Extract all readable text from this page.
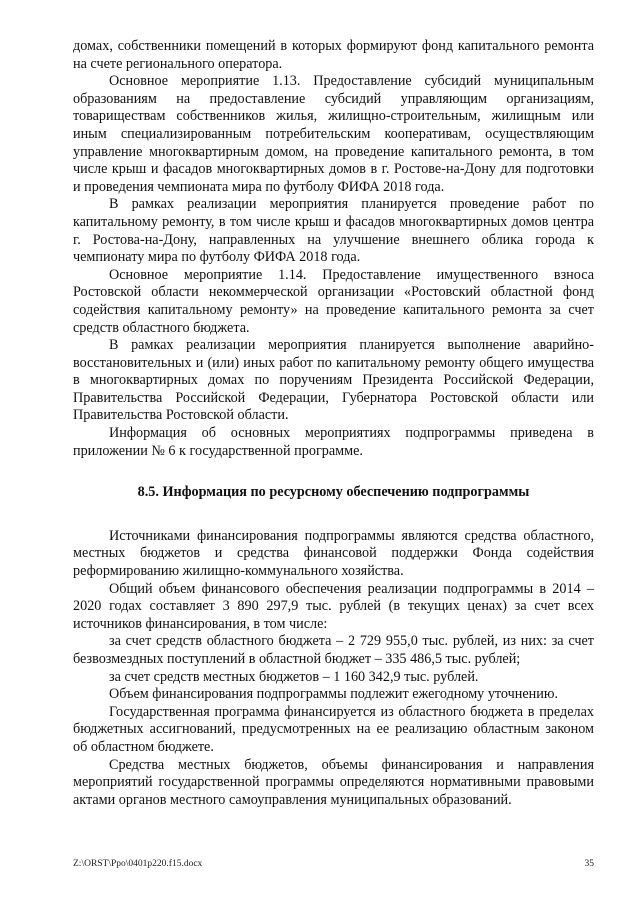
домах, собственники помещений в которых формируют фонд капитального ремонта на счете регионального оператора.

Основное мероприятие 1.13. Предоставление субсидий муниципальным образованиям на предоставление субсидий управляющим организациям, товариществам собственников жилья, жилищно-строительным, жилищным или иным специализированным потребительским кооперативам, осуществляющим управление многоквартирным домом, на проведение капитального ремонта, в том числе крыш и фасадов многоквартирных домов в г. Ростове-на-Дону для подготовки и проведения чемпионата мира по футболу ФИФА 2018 года.

В рамках реализации мероприятия планируется проведение работ по капитальному ремонту, в том числе крыш и фасадов многоквартирных домов центра г. Ростова-на-Дону, направленных на улучшение внешнего облика города к чемпионату мира по футболу ФИФА 2018 года.

Основное мероприятие 1.14. Предоставление имущественного взноса Ростовской области некоммерческой организации «Ростовский областной фонд содействия капитальному ремонту» на проведение капитального ремонта за счет средств областного бюджета.

В рамках реализации мероприятия планируется выполнение аварийно-восстановительных и (или) иных работ по капитальному ремонту общего имущества в многоквартирных домах по поручениям Президента Российской Федерации, Правительства Российской Федерации, Губернатора Ростовской области или Правительства Ростовской области.

Информация об основных мероприятиях подпрограммы приведена в приложении № 6 к государственной программе.

8.5. Информация по ресурсному обеспечению подпрограммы

Источниками финансирования подпрограммы являются средства областного, местных бюджетов и средства финансовой поддержки Фонда содействия реформированию жилищно-коммунального хозяйства.

Общий объем финансового обеспечения реализации подпрограммы в 2014 – 2020 годах составляет 3 890 297,9 тыс. рублей (в текущих ценах) за счет всех источников финансирования, в том числе:

за счет средств областного бюджета – 2 729 955,0 тыс. рублей, из них: за счет безвозмездных поступлений в областной бюджет – 335 486,5 тыс. рублей;

за счет средств местных бюджетов – 1 160 342,9 тыс. рублей.

Объем финансирования подпрограммы подлежит ежегодному уточнению.

Государственная программа финансируется из областного бюджета в пределах бюджетных ассигнований, предусмотренных на ее реализацию областным законом об областном бюджете.

Средства местных бюджетов, объемы финансирования и направления мероприятий государственной программы определяются нормативными правовыми актами органов местного самоуправления муниципальных образований.

Z:\ORST\Ppo\0401p220.f15.docx	35
